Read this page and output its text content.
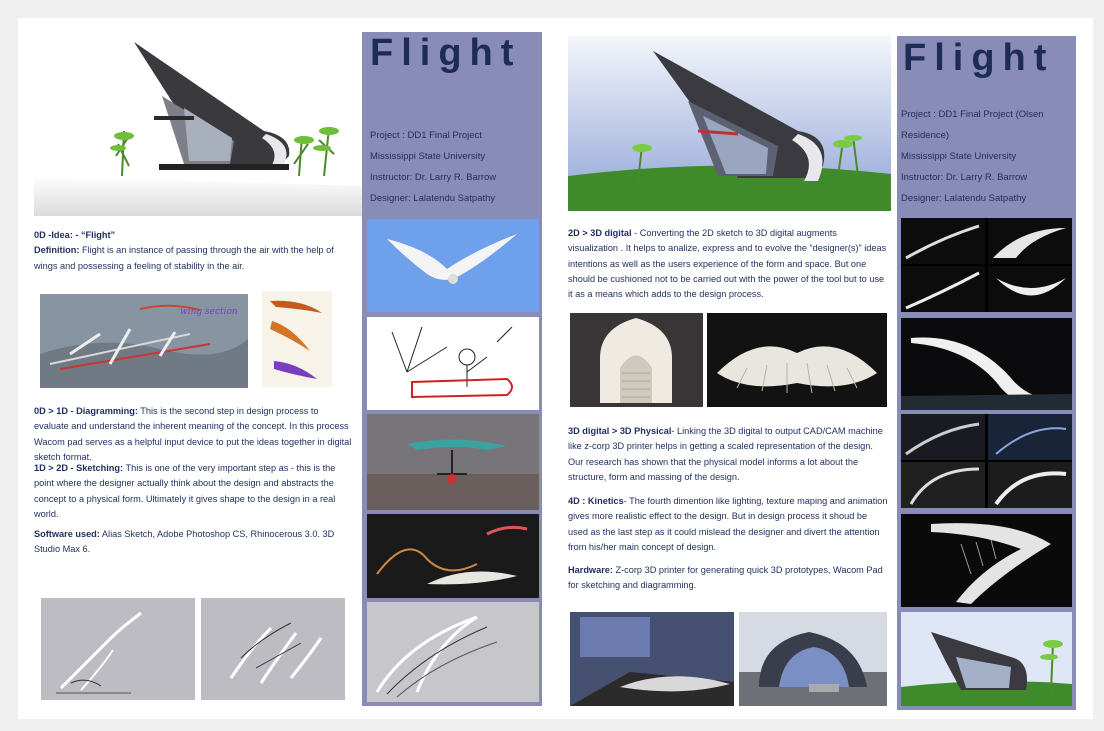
0D -Idea: - “Flight”
Definition: Flight is an instance of passing through the air with the help of wings and possessing a feeling of stability in the air.
wing section
0D > 1D - Diagramming: This is the second step in design process to evaluate and understand the inherent meaning of the concept. In this process Wacom pad serves as a helpful input device to put the ideas together in digital sketch format.
1D > 2D - Sketching: This is one of the very important step as - this is the point where the designer actually think about the design and abstracts the concept to a physical form. Ultimately it gives shape to the design in a real world.
Software used: Alias Sketch, Adobe Photoshop CS, Rhinocerous 3.0. 3D Studio Max 6.
Flight
Project : DD1 Final Project
Mississippi State University
Instructor: Dr. Larry R. Barrow
Designer: Lalatendu Satpathy
2D > 3D digital - Converting the 2D sketch to 3D digital augments visualization . It helps to analize, express and to evolve the “designer(s)” ideas intentions as well as the users experience of the form and space. But one should be cushioned not to be carried out with the power of the tool but to use it as a means which adds to the design process.
3D digital > 3D Physical- Linking the 3D digital to output CAD/CAM machine like z-corp 3D printer helps in getting a scaled representation of the design. Our research has shown that the physical model informs a lot about the structure, form and massing of the design.
4D : Kinetics- The fourth dimention like lighting, texture maping and animation gives more realistic effect to the design. But in design process it shoud be used as the last step as it could mislead the designer and divert the attention from his/her main concept of design.
Hardware: Z-corp 3D printer for generating quick 3D prototypes, Wacom Pad for sketching and diagramming.
Flight
Project : DD1 Final Project (Olsen
Residence)
Mississippi State University
Instructor: Dr. Larry R. Barrow
Designer: Lalatendu Satpathy
